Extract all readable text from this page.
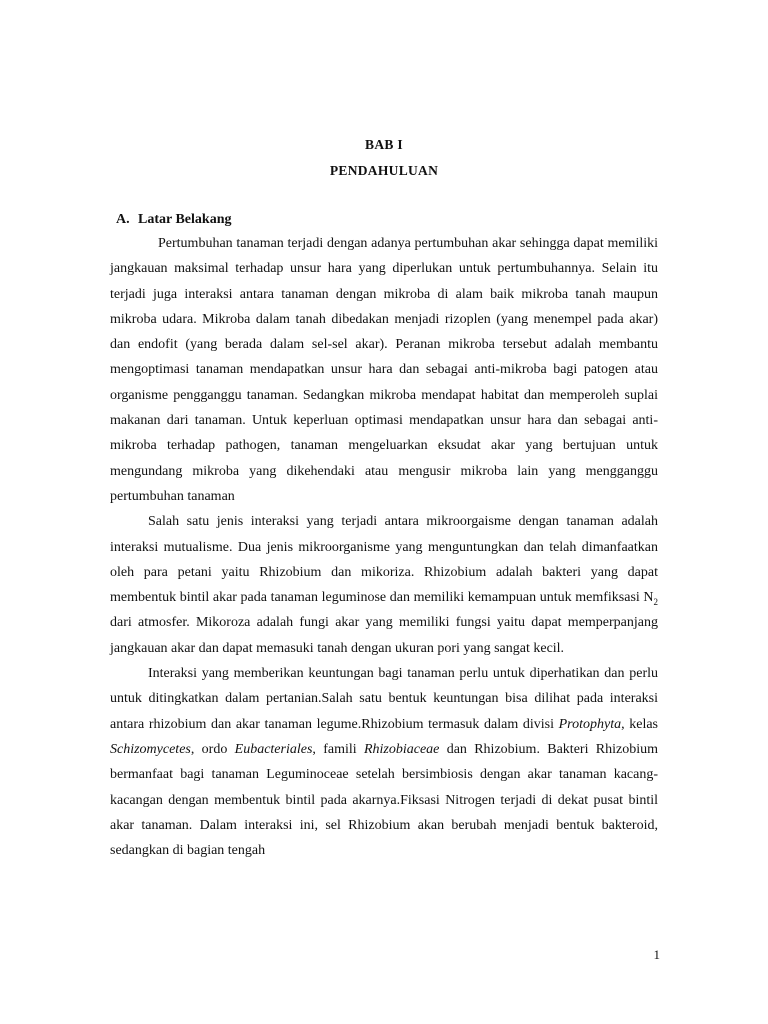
BAB I
PENDAHULUAN
A. Latar Belakang

Pertumbuhan tanaman terjadi dengan adanya pertumbuhan akar sehingga dapat memiliki jangkauan maksimal terhadap unsur hara yang diperlukan untuk pertumbuhannya. Selain itu terjadi juga interaksi antara tanaman dengan mikroba di alam baik mikroba tanah maupun mikroba udara. Mikroba dalam tanah dibedakan menjadi rizoplen (yang menempel pada akar) dan endofit (yang berada dalam sel-sel akar). Peranan mikroba tersebut adalah membantu mengoptimasi tanaman mendapatkan unsur hara dan sebagai anti-mikroba bagi patogen atau organisme pengganggu tanaman. Sedangkan mikroba mendapat habitat dan memperoleh suplai makanan dari tanaman. Untuk keperluan optimasi mendapatkan unsur hara dan sebagai anti-mikroba terhadap pathogen, tanaman mengeluarkan eksudat akar yang bertujuan untuk mengundang mikroba yang dikehendaki atau mengusir mikroba lain yang mengganggu pertumbuhan tanaman

Salah satu jenis interaksi yang terjadi antara mikroorgaisme dengan tanaman adalah interaksi mutualisme. Dua jenis mikroorganisme yang menguntungkan dan telah dimanfaatkan oleh para petani yaitu Rhizobium dan mikoriza. Rhizobium adalah bakteri yang dapat membentuk bintil akar pada tanaman leguminose dan memiliki kemampuan untuk memfiksasi $N_2$ dari atmosfer. Mikoroza adalah fungi akar yang memiliki fungsi yaitu dapat memperpanjang jangkauan akar dan dapat memasuki tanah dengan ukuran pori yang sangat kecil.

Interaksi yang memberikan keuntungan bagi tanaman perlu untuk diperhatikan dan perlu untuk ditingkatkan dalam pertanian.Salah satu bentuk keuntungan bisa dilihat pada interaksi antara rhizobium dan akar tanaman legume.Rhizobium termasuk dalam divisi Protophyta, kelas Schizomycetes, ordo Eubacteriales, famili Rhizobiaceae dan Rhizobium. Bakteri Rhizobium bermanfaat bagi tanaman Leguminoceae setelah bersimbiosis dengan akar tanaman kacang-kacangan dengan membentuk bintil pada akarnya.Fiksasi Nitrogen terjadi di dekat pusat bintil akar tanaman. Dalam interaksi ini, sel Rhizobium akan berubah menjadi bentuk bakteroid, sedangkan di bagian tengah

1
